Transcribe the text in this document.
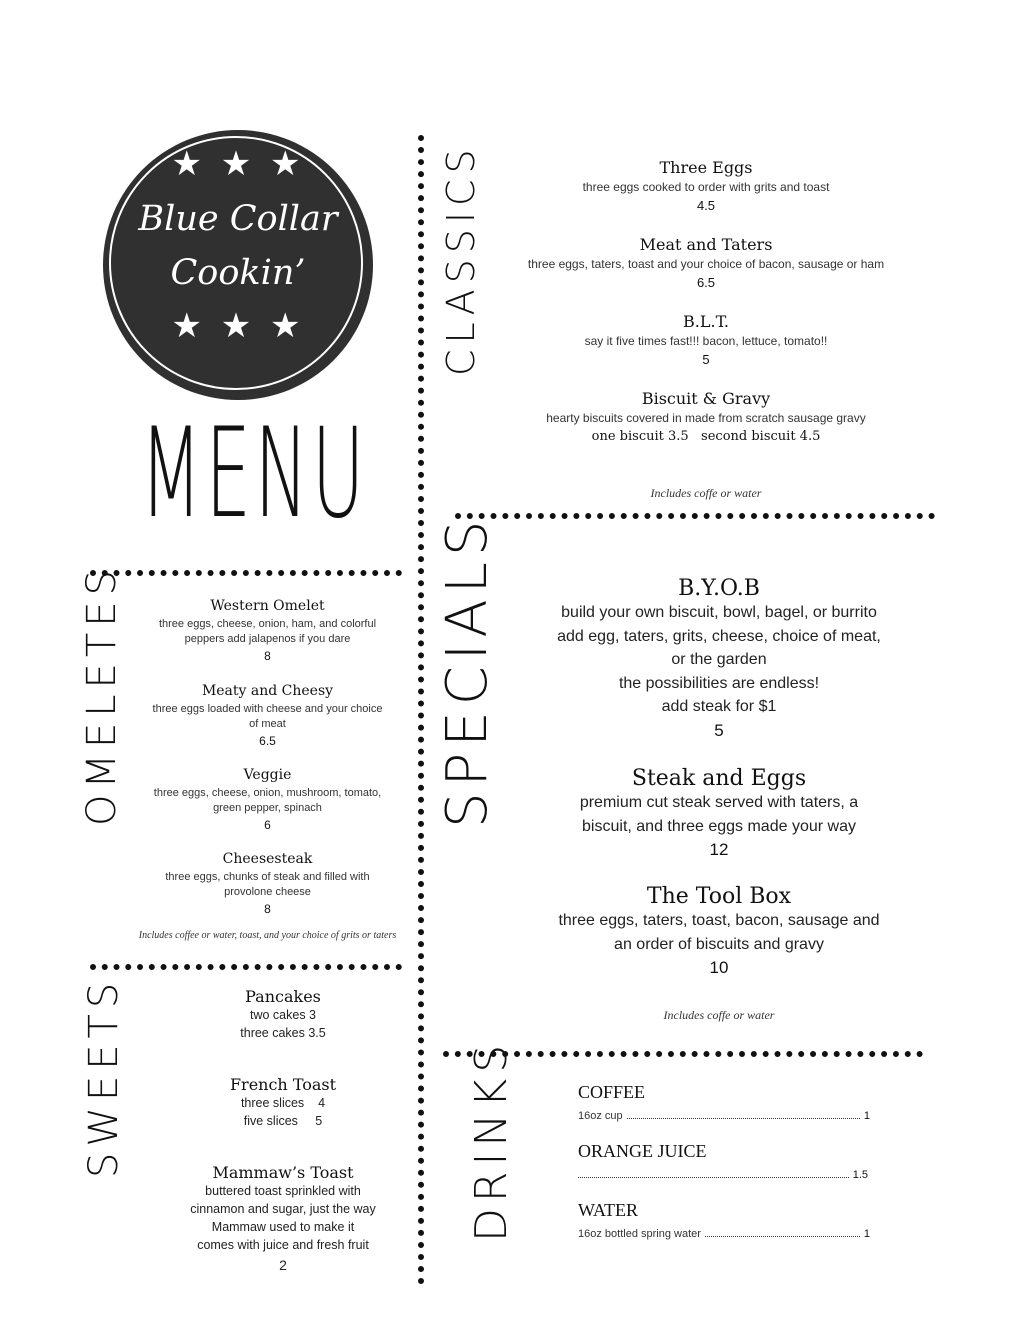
★ ★ ★
Blue Collar
Cookin’
★ ★ ★
MENU
CLASSICS	Three Eggs
three eggs cooked to order with grits and toast
4.5
Meat and Taters
three eggs, taters, toast and your choice of bacon, sausage or ham
6.5
B.L.T.
say it five times fast!!! bacon, lettuce, tomato!!
5
Biscuit & Gravy
hearty biscuits covered in made from scratch sausage gravy
one biscuit 3.5   second biscuit 4.5
Includes coffe or water
OMELETES	Western Omelet
three eggs, cheese, onion, ham, and colorful peppers add jalapenos if you dare
8
Meaty and Cheesy
three eggs loaded with cheese and your choice of meat
6.5
Veggie
three eggs, cheese, onion, mushroom, tomato, green pepper, spinach
6
Cheesesteak
three eggs, chunks of steak and filled with provolone cheese
8
Includes coffee or water, toast, and your choice of grits or taters
SPECIALS	B.Y.O.B
build your own biscuit, bowl, bagel, or burrito
add egg, taters, grits, cheese, choice of meat,
or the garden
the possibilities are endless!
add steak for $1
5
Steak and Eggs
premium cut steak served with taters, a
biscuit, and three eggs made your way
12
The Tool Box
three eggs, taters, toast, bacon, sausage and
an order of biscuits and gravy
10
Includes coffe or water
SWEETS	Pancakes
two cakes 3
three cakes 3.5
French Toast
three slices    4
five slices     5
Mammaw’s Toast
buttered toast sprinkled with
cinnamon and sugar, just the way
Mammaw used to make it
comes with juice and fresh fruit
2
DRINKS	COFFEE
16oz cup	1
ORANGE JUICE
1.5
WATER
16oz bottled spring water	1
